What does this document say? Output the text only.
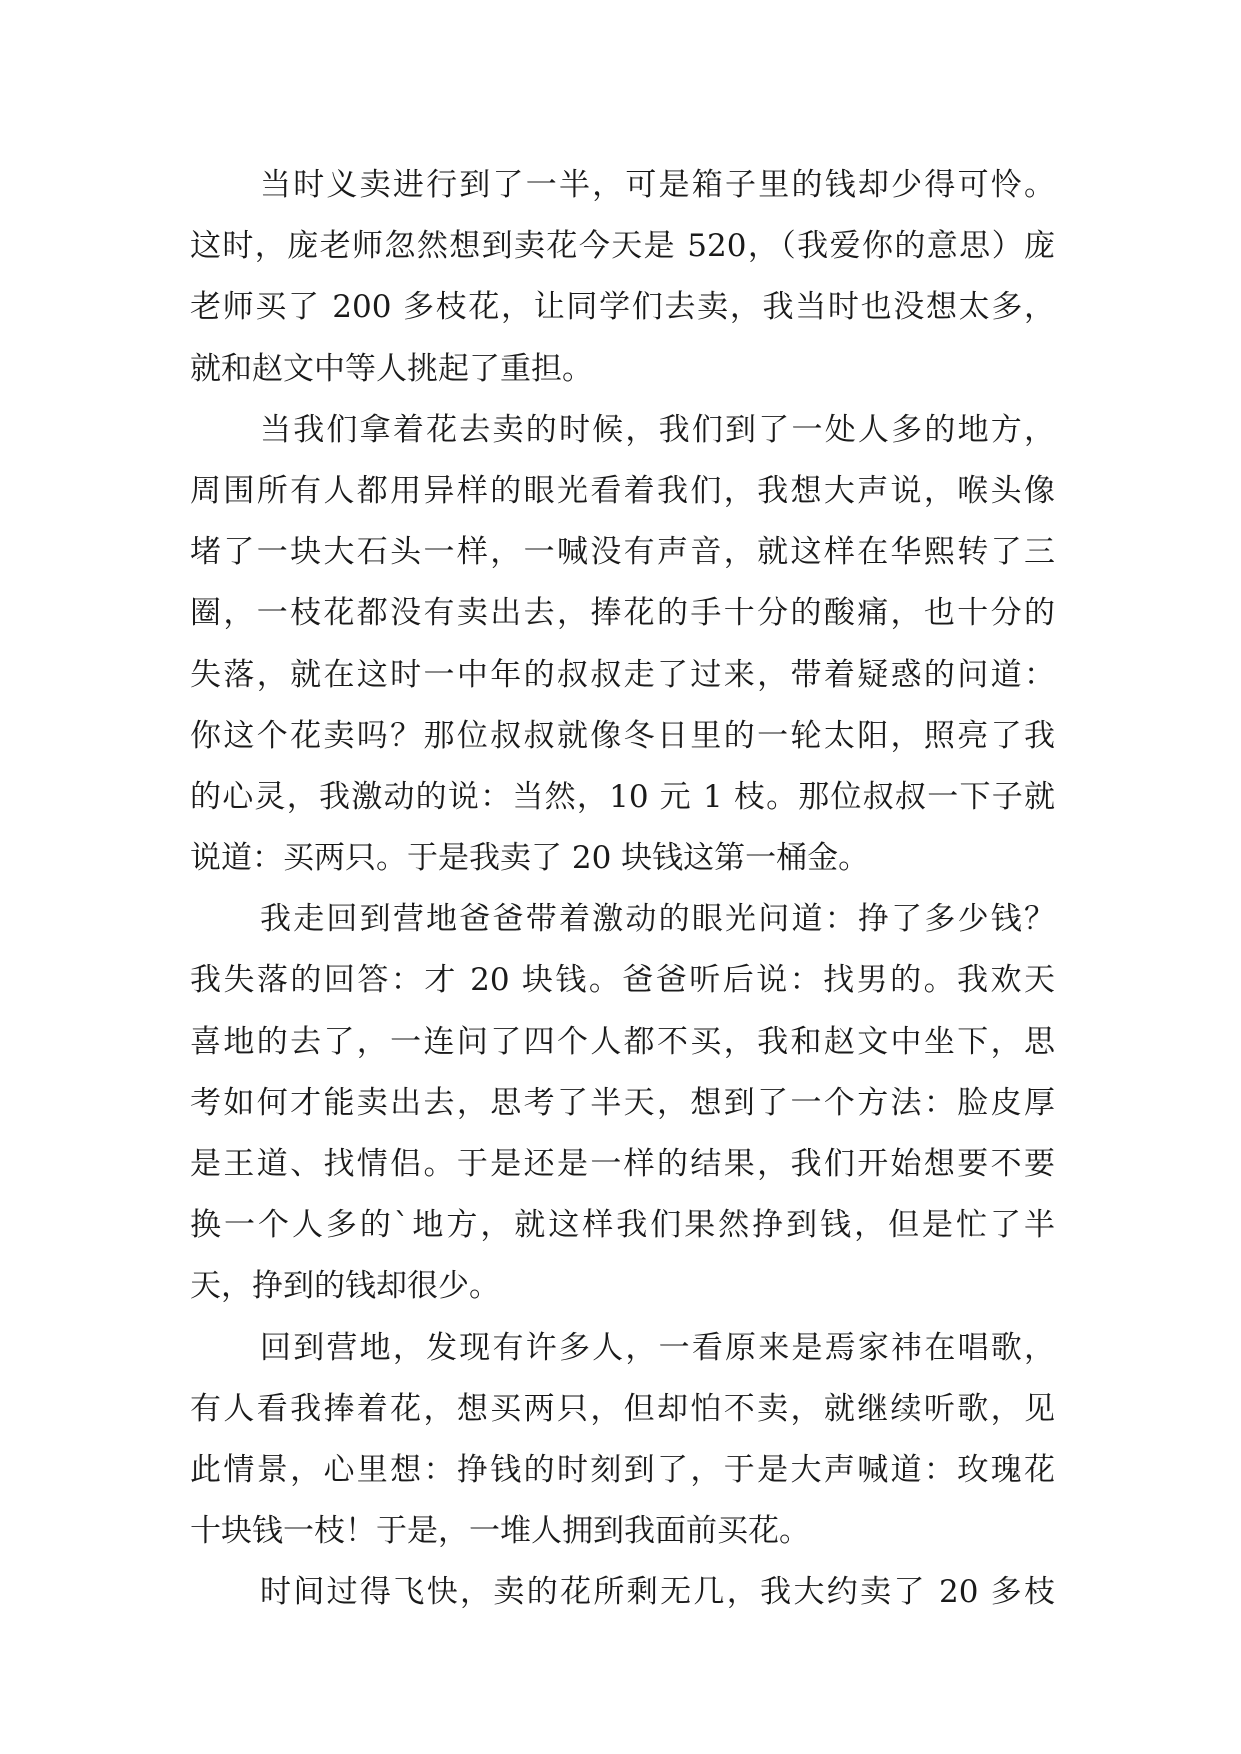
当时义卖进行到了一半，可是箱子里的钱却少得可怜。
这时，庞老师忽然想到卖花今天是 520，（我爱你的意思）庞
老师买了 200 多枝花，让同学们去卖，我当时也没想太多，
就和赵文中等人挑起了重担。
当我们拿着花去卖的时候，我们到了一处人多的地方，
周围所有人都用异样的眼光看着我们，我想大声说，喉头像
堵了一块大石头一样，一喊没有声音，就这样在华熙转了三
圈，一枝花都没有卖出去，捧花的手十分的酸痛，也十分的
失落，就在这时一中年的叔叔走了过来，带着疑惑的问道：
你这个花卖吗？那位叔叔就像冬日里的一轮太阳，照亮了我
的心灵，我激动的说：当然，10 元 1 枝。那位叔叔一下子就
说道：买两只。于是我卖了 20 块钱这第一桶金。
我走回到营地爸爸带着激动的眼光问道：挣了多少钱？
我失落的回答：才 20 块钱。爸爸听后说：找男的。我欢天
喜地的去了，一连问了四个人都不买，我和赵文中坐下，思
考如何才能卖出去，思考了半天，想到了一个方法：脸皮厚
是王道、找情侣。于是还是一样的结果，我们开始想要不要
换一个人多的`地方，就这样我们果然挣到钱，但是忙了半
天，挣到的钱却很少。
回到营地，发现有许多人，一看原来是焉家祎在唱歌，
有人看我捧着花，想买两只，但却怕不卖，就继续听歌，见
此情景，心里想：挣钱的时刻到了，于是大声喊道：玫瑰花
十块钱一枝！于是，一堆人拥到我面前买花。
时间过得飞快，卖的花所剩无几，我大约卖了 20 多枝
